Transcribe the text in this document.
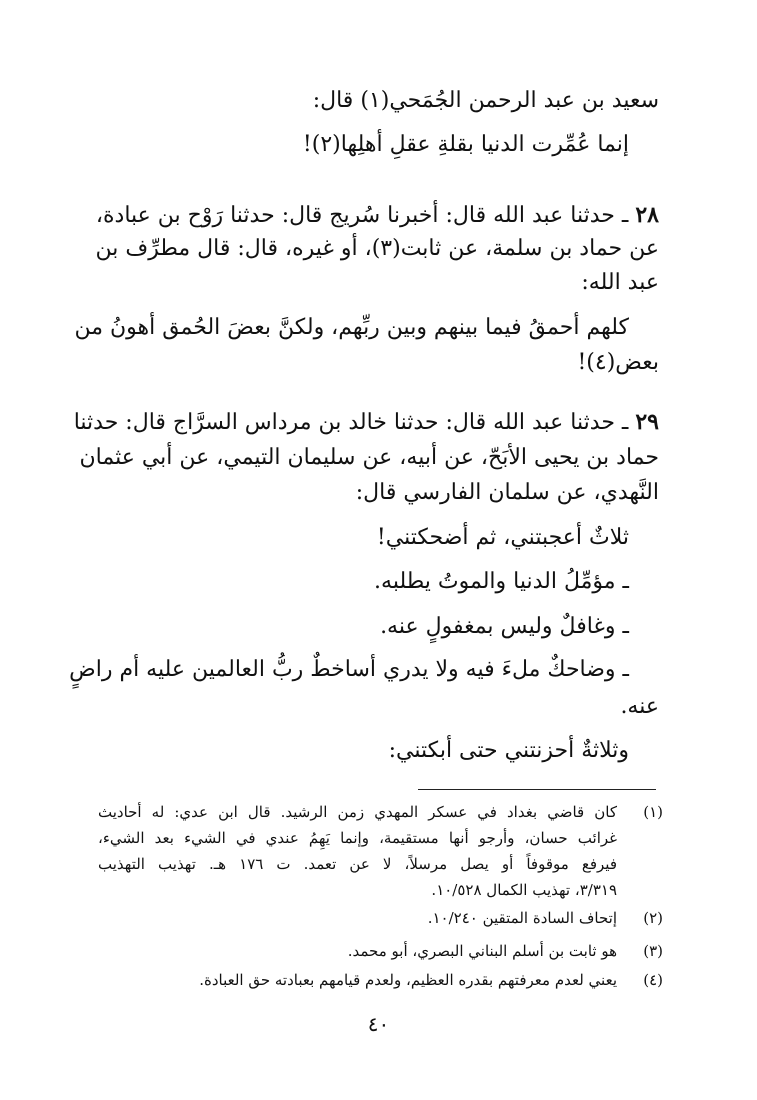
سعيد بن عبد الرحمن الجُمَحي(١) قال:
إنما عُمِّرت الدنيا بقلةِ عقلِ أهلِها(٢)!
٢٨ ـ حدثنا عبد الله قال: أخبرنا سُريج قال: حدثنا رَوْح بن عبادة،
عن حماد بن سلمة، عن ثابت(٣)، أو غيره، قال: قال مطرِّف بن
عبد الله:
كلهم أحمقُ فيما بينهم وبين ربِّهم، ولكنَّ بعضَ الحُمق أهونُ من
بعض(٤)!
٢٩ ـ حدثنا عبد الله قال: حدثنا خالد بن مرداس السرَّاج قال: حدثنا
حماد بن يحيى الأبَحّ، عن أبيه، عن سليمان التيمي، عن أبي عثمان
النَّهدي، عن سلمان الفارسي قال:
ثلاثٌ أعجبتني، ثم أضحكتني!
ـ مؤمِّلُ الدنيا والموتُ يطلبه.
ـ وغافلٌ وليس بمغفولٍ عنه.
ـ وضاحكٌ ملءَ فيه ولا يدري أساخطٌ ربُّ العالمين عليه أم راضٍ
عنه.
وثلاثةٌ أحزنتني حتى أبكتني:
(١)
كان قاضي بغداد في عسكر المهدي زمن الرشيد. قال ابن عدي: له أحاديث
غرائب حسان، وأرجو أنها مستقيمة، وإنما يَهِمُ عندي في الشيء بعد الشيء،
فيرفع موقوفاً أو يصل مرسلاً، لا عن تعمد. ت ١٧٦ هـ. تهذيب التهذيب
٣/٣١٩، تهذيب الكمال ١٠/٥٢٨.
(٢)
إتحاف السادة المتقين ١٠/٢٤٠.
(٣)
هو ثابت بن أسلم البناني البصري، أبو محمد.
(٤)
يعني لعدم معرفتهم بقدره العظيم، ولعدم قيامهم بعبادته حق العبادة.
٤٠
